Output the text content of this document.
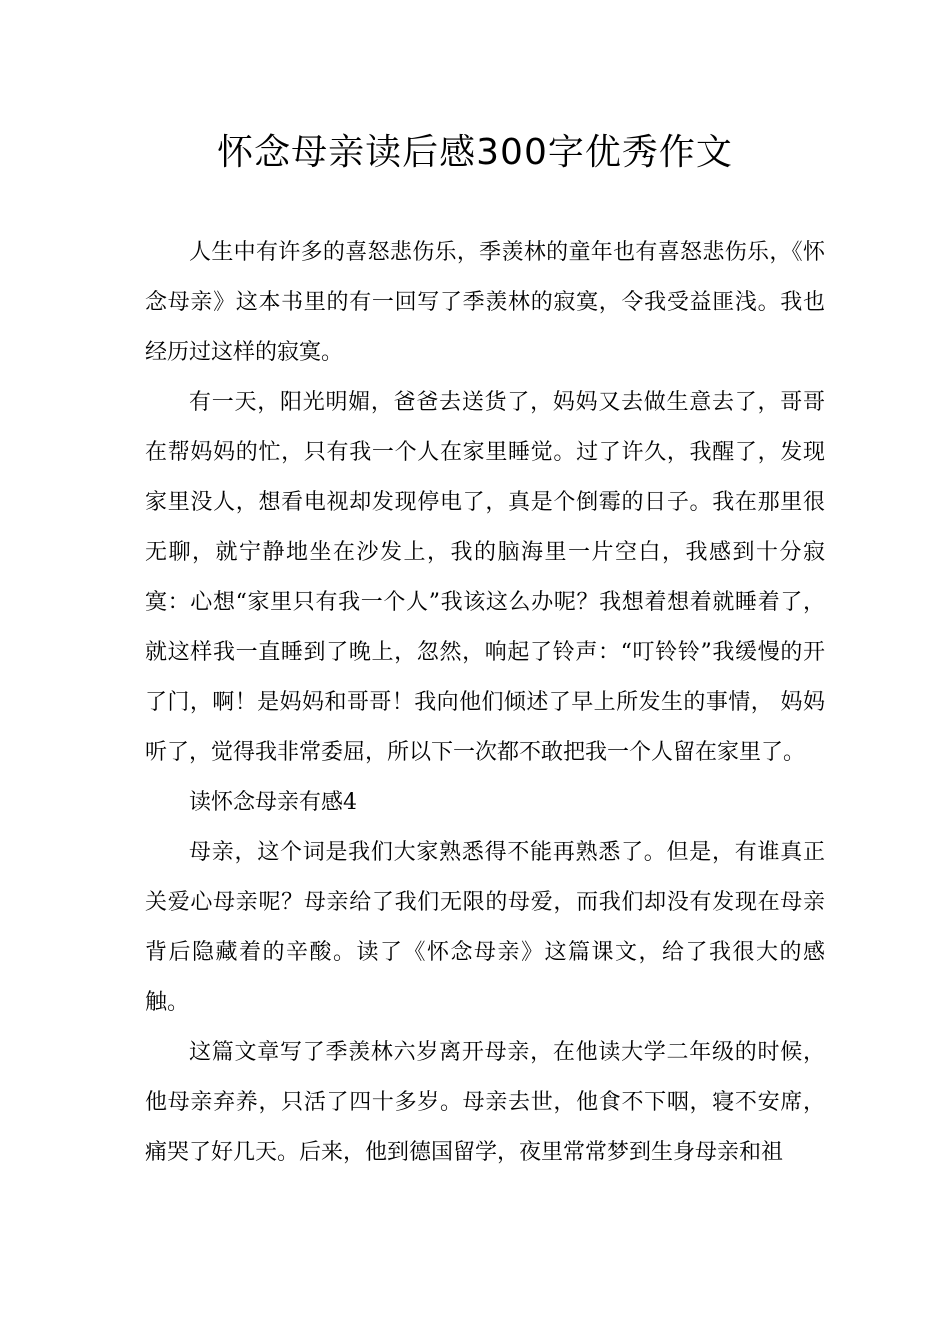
怀念母亲读后感300字优秀作文

人生中有许多的喜怒悲伤乐，季羡林的童年也有喜怒悲伤乐，《怀念母亲》这本书里的有一回写了季羡林的寂寞，令我受益匪浅。我也经历过这样的寂寞。

有一天，阳光明媚，爸爸去送货了，妈妈又去做生意去了，哥哥在帮妈妈的忙，只有我一个人在家里睡觉。过了许久，我醒了，发现家里没人，想看电视却发现停电了，真是个倒霉的日子。我在那里很无聊，就宁静地坐在沙发上，我的脑海里一片空白，我感到十分寂寞：心想“家里只有我一个人”我该这么办呢？我想着想着就睡着了，就这样我一直睡到了晚上，忽然，响起了铃声：“叮铃铃”我缓慢的开了门，啊！是妈妈和哥哥！我向他们倾述了早上所发生的事情， 妈妈听了，觉得我非常委屈，所以下一次都不敢把我一个人留在家里了。

读怀念母亲有感4

母亲，这个词是我们大家熟悉得不能再熟悉了。但是，有谁真正关爱心母亲呢？母亲给了我们无限的母爱，而我们却没有发现在母亲背后隐藏着的辛酸。读了《怀念母亲》这篇课文，给了我很大的感触。

这篇文章写了季羡林六岁离开母亲，在他读大学二年级的时候，他母亲弃养，只活了四十多岁。母亲去世，他食不下咽，寝不安席，痛哭了好几天。后来，他到德国留学，夜里常常梦到生身母亲和祖
